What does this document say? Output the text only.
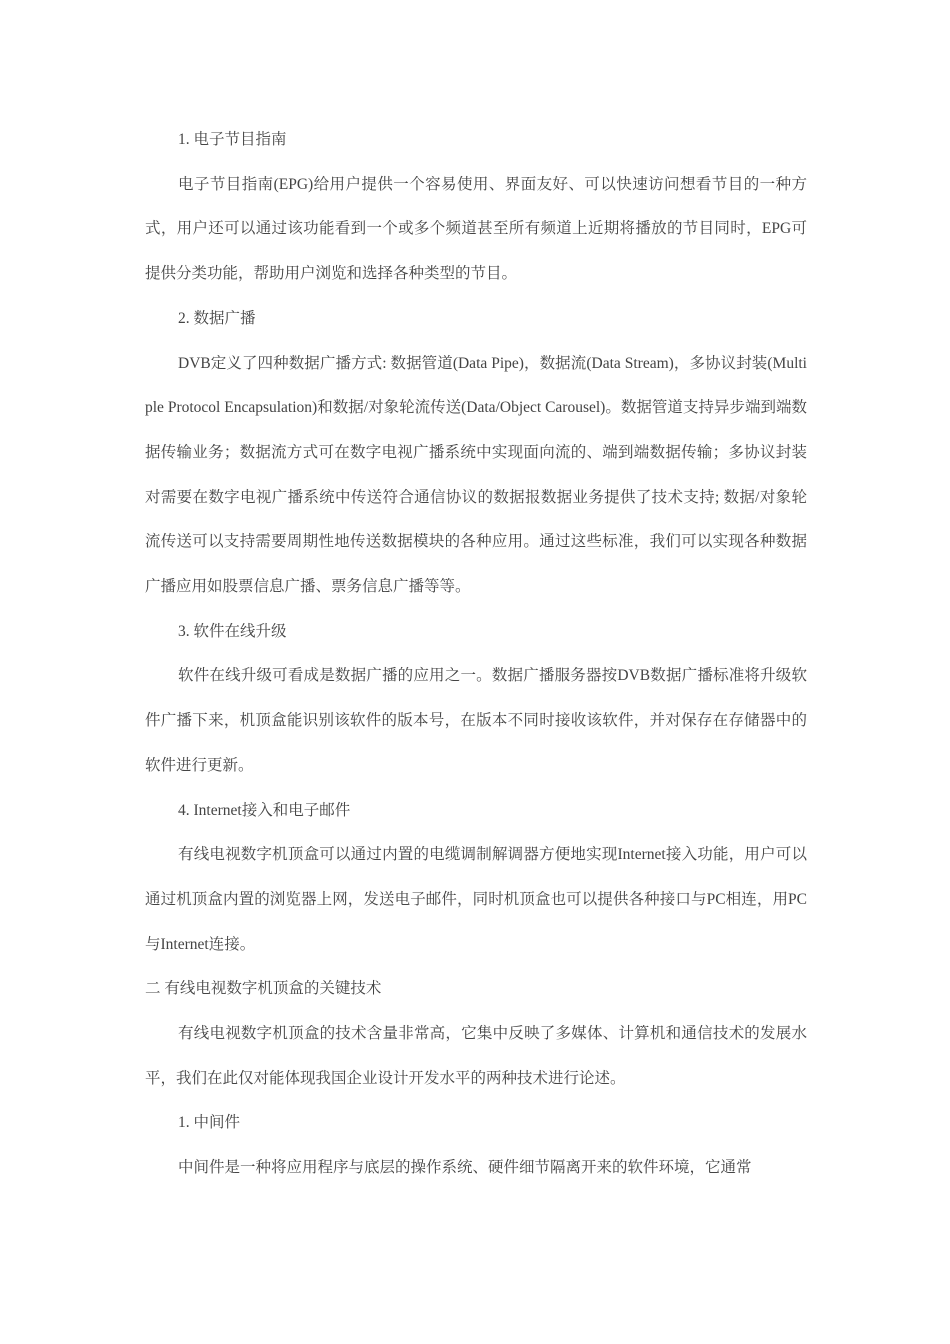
1. 电子节目指南

电子节目指南(EPG)给用户提供一个容易使用、界面友好、可以快速访问想看节目的一种方式，用户还可以通过该功能看到一个或多个频道甚至所有频道上近期将播放的节目同时，EPG可提供分类功能，帮助用户浏览和选择各种类型的节目。

2. 数据广播

DVB定义了四种数据广播方式: 数据管道(Data Pipe)，数据流(Data Stream)，多协议封装(Multiple Protocol Encapsulation)和数据/对象轮流传送(Data/Object Carousel)。数据管道支持异步端到端数据传输业务；数据流方式可在数字电视广播系统中实现面向流的、端到端数据传输；多协议封装对需要在数字电视广播系统中传送符合通信协议的数据报数据业务提供了技术支持; 数据/对象轮流传送可以支持需要周期性地传送数据模块的各种应用。通过这些标准，我们可以实现各种数据广播应用如股票信息广播、票务信息广播等等。

3. 软件在线升级

软件在线升级可看成是数据广播的应用之一。数据广播服务器按DVB数据广播标准将升级软件广播下来，机顶盒能识别该软件的版本号，在版本不同时接收该软件，并对保存在存储器中的软件进行更新。

4. Internet接入和电子邮件

有线电视数字机顶盒可以通过内置的电缆调制解调器方便地实现Internet接入功能，用户可以通过机顶盒内置的浏览器上网，发送电子邮件，同时机顶盒也可以提供各种接口与PC相连，用PC与Internet连接。

二 有线电视数字机顶盒的关键技术

有线电视数字机顶盒的技术含量非常高，它集中反映了多媒体、计算机和通信技术的发展水平，我们在此仅对能体现我国企业设计开发水平的两种技术进行论述。

1. 中间件

中间件是一种将应用程序与底层的操作系统、硬件细节隔离开来的软件环境，它通常
